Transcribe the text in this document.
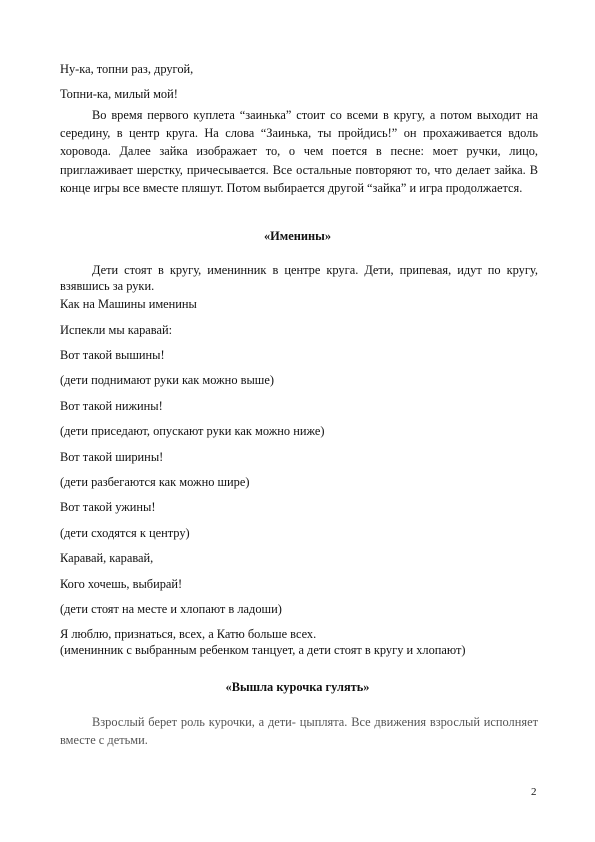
Ну-ка, топни раз, другой,

Топни-ка, милый мой!

Во время первого куплета “заинька” стоит со всеми в кругу, а потом выходит на середину, в центр круга. На слова “Заинька, ты пройдись!” он прохаживается вдоль хоровода. Далее зайка изображает то, о чем поется в песне: моет ручки, лицо, приглаживает шерстку, причесывается. Все остальные повторяют то, что делает зайка. В конце игры все вместе пляшут. Потом выбирается другой “зайка” и игра продолжается.

«Именины»

Дети стоят в кругу, именинник в центре круга. Дети, припевая, идут по кругу, взявшись за руки.

Как на Машины именины

Испекли мы каравай:

Вот такой вышины!

(дети поднимают руки как можно выше)

Вот такой нижины!

(дети приседают, опускают руки как можно ниже)

Вот такой ширины!

(дети разбегаются как можно шире)

Вот такой ужины!

(дети сходятся к центру)

Каравай, каравай,

Кого хочешь, выбирай!

(дети стоят на месте и хлопают в ладоши)

Я люблю, признаться, всех, а Катю больше всех.

(именинник с выбранным ребенком танцует, а дети стоят в кругу и хлопают)

«Вышла курочка гулять»

Взрослый берет роль курочки, а дети- цыплята. Все движения взрослый исполняет вместе с детьми.

2
